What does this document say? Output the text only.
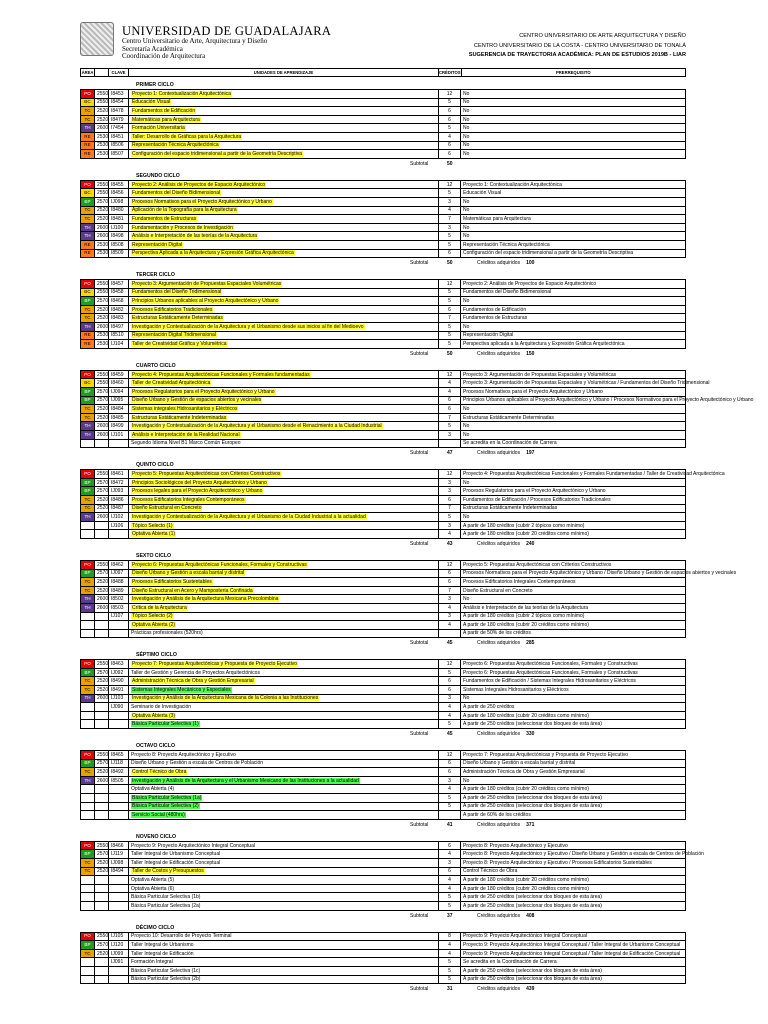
UNIVERSIDAD DE GUADALAJARA
Centro Universitario de Arte, Arquitectura y Diseño
Secretaría Académica
Coordinación de Arquitectura
CENTRO UNIVERSITARIO DE ARTE ARQUITECTURA Y DISEÑO
CENTRO UNIVERSITARIO DE LA COSTA - CENTRO UNIVERSITARIO DE TONALÁ
SUGERENCIA DE TRAYECTORIA ACADÉMICA: PLAN DE ESTUDIOS 2019B - LIAR
ÁREA		CLAVE	UNIDADES DE APRENDIZAJE	CRÉDITOS	PRERREQUISITO
PRIMER CICLO
PO	2550	I8453	Proyecto 1: Contextualización Arquitectónica	12	No
BC	2550	I8454	Educación Visual	5	No
TC	2520	I8478	Fundamentos de Edificación	6	No
TC	2520	I8479	Matemáticas para Arquitectura	6	No
TH	2600	I7454	Formación Universitaria	5	No
RE	2530	I8451	Taller: Desarrollo de Gráficas para la Arquitectura	4	No
RE	2530	I8506	Representación Técnica Arquitectónica	6	No
RE	2530	I8507	Configuración del espacio tridimensional a partir de la Geometría Descriptiva	6	No
Subtotal	50
SEGUNDO CICLO
PO	2550	I8455	Proyecto 2: Análisis de Proyectos de Espacio Arquitectónico	12	Proyecto 1: Contextualización Arquitectónica
BC	2550	I8456	Fundamentos del Diseño Bidimensional	5	Educación Visual
BP	2570	IJ098	Procesos Normativos para el Proyecto Arquitectónico y Urbano	3	No
TC	2520	I8480	Aplicación de la Topografía para la Arquitectura	4	No
TC	2520	I8481	Fundamentos de Estructuras	7	Matemáticas para Arquitectura
TH	2600	IJ100	Fundamentación y Procesos de Investigación	3	No
TH	2600	I8498	Análisis e Interpretación de las teorías de la Arquitectura	5	No
RE	2530	I8508	Representación Digital	5	Representación Técnica Arquitectónica
RE	2530	I8509	Perspectiva Aplicada a la Arquitectura y Expresión Gráfica Arquitectónica	6	Configuración del espacio tridimensional a partir de la Geometría Descriptiva
Subtotal	50	Créditos adquiridos 100
TERCER CICLO
PO	2550	I8457	Proyecto 3: Argumentación de Propuestas Espaciales Volumétricas	12	Proyecto 2: Análisis de Proyectos de Espacio Arquitectónico
BC	2550	I8458	Fundamentos del Diseño Tridimensional	5	Fundamentos del Diseño Bidimensional
BP	2570	I8468	Principios Urbanos aplicables al Proyecto Arquitectónico y Urbano	5	No
TC	2520	I8482	Procesos Edificatorios Tradicionales	6	Fundamentos de Edificación
TC	2520	I8483	Estructuras Estáticamente Determinadas	7	Fundamentos de Estructuras
TH	2600	I8497	Investigación y Contextualización de la Arquitectura y el Urbanismo desde sus inicios al fin del Medioevo	5	No
RE	2530	I8510	Representación Digital Tridimensional	5	Representación Digital
RE	2530	IJ104	Taller de Creatividad Gráfica y Volumétrica	5	Perspectiva aplicada a la Arquitectura y Expresión Gráfica Arquitectónica
Subtotal	50	Créditos adquiridos 150
CUARTO CICLO
PO	2550	I8459	Proyecto 4: Propuestas Arquitectónicas Funcionales y Formales fundamentadas	12	Proyecto 3: Argumentación de Propuestas Espaciales y Volumétricas
BC	2550	I8460	Taller de Creatividad Arquitectónica	4	Proyecto 3: Argumentación de Propuestas Espaciales y Volumétricas / Fundamentos del Diseño Tridimensional
BP	2570	IJ094	Procesos Regulatorios para el Proyecto Arquitectónico y Urbano	4	Procesos Normativos para el Proyecto Arquitectónico y Urbano
BP	2570	IJ095	Diseño Urbano y Gestión de espacios abiertos y vecinales	6	Principios Urbanos aplicables al Proyecto Arquitectónico y Urbano / Procesos Normativos para el Proyecto Arquitectónico y Urbano
TC	2520	I8484	Sistemas integrales Hidrosanitarios y Eléctricos	6	No
TC	2520	I8485	Estructuras Estáticamente Indeterminadas	7	Estructuras Estáticamente Determinadas
TH	2600	I8499	Investigación y Contextualización de la Arquitectura y el Urbanismo desde el Renacimiento a la Ciudad Industrial	5	No
TH	2600	IJ101	Análisis e Interpretación de la Realidad Nacional	3	No
			Segundo Idioma Nivel B1 Marco Común Europeo		Se acredita en la Coordinación de Carrera
Subtotal	47	Créditos adquiridos 197
QUINTO CICLO
PO	2550	I8461	Proyecto 5: Propuestas Arquitectónicas con Criterios Constructivos	12	Proyecto 4: Propuestas Arquitectónicas Funcionales y Formales Fundamentadas / Taller de Creatividad Arquitectónica
BP	2570	I8472	Principios Sociológicos del Proyecto Arquitectónico y Urbano	3	No
BP	2570	IJ093	Procesos legales para el Proyecto Arquitectónico y Urbano	3	Procesos Regulatorios para el Proyecto Arquitectónico y Urbano
TC	2520	I8486	Procesos Edificatorios Integrales Contemporáneos	6	Fundamentos de Edificación / Procesos Edificatorios Tradicionales
TC	2520	I8487	Diseño Estructural en Concreto	7	Estructuras Estáticamente Indeterminadas
TH	2600	IJ102	Investigación y Contextualización de la Arquitectura y el Urbanismo de la Ciudad Industrial a la actualidad	5	No
		IJ106	Tópico Selecto (1)	3	A partir de 180 créditos (cubrir 2 tópicos como mínimo)
			Optativa Abierta (1)	4	A partir de 180 créditos (cubrir 20 créditos como mínimo)
Subtotal	43	Créditos adquiridos 240
SEXTO CICLO
PO	2550	I8462	Proyecto 6: Propuestas Arquitectónicas Funcionales, Formales y Constructivas	12	Proyecto 5: Propuestas Arquitectónicas con Criterios Constructivos
BP	2570	IJ097	Diseño Urbano y Gestión a escala barrial y distrital	6	Procesos Normativos para el Proyecto Arquitectónico y Urbano / Diseño Urbano y Gestión de espacios abiertos y vecinales
TC	2520	I8488	Procesos Edificatorios Sustentables	6	Procesos Edificatorios Integrales Contemporáneos
TC	2520	I8489	Diseño Estructural en Acero y Mampostería Confinada	7	Diseño Estructural en Concreto
TH	2600	I8502	Investigación y Análisis de la Arquitectura Mexicana Precolombina	3	No
TH	2600	I8503	Crítica de la Arquitectura	4	Análisis e Interpretación de las teorías de la Arquitectura
		IJ107	Tópico Selecto (2)	3	A partir de 180 créditos (cubrir 2 tópicos como mínimo)
			Optativa Abierta (2)	4	A partir de 180 créditos (cubrir 20 créditos como mínimo)
			Prácticas profesionales (520hrs)		A partir de 50% de los créditos
Subtotal	45	Créditos adquiridos 285
SÉPTIMO CICLO
PO	2550	I8463	Proyecto 7: Propuestas Arquitectónicas y Propuesta de Proyecto Ejecutivo	12	Proyecto 6: Propuestas Arquitectónicas Funcionales, Formales y Constructivas
BP	2570	IJ092	Taller de Gestión y Gerencia de Proyectos Arquitectónicos	5	Proyecto 6: Propuestas Arquitectónicas Funcionales, Formales y Constructivas
TC	2520	I8490	Administración Técnica de Obra y Gestión Empresarial	6	Fundamentos de Edificación / Sistemas Integrales Hidrosanitarios y Eléctricos
TC	2520	I8491	Sistemas Integrales Mecánicos y Especiales	6	Sistemas Integrales Hidrosanitarios y Eléctricos
TH	2600	IJ103	Investigación y Análisis de la Arquitectura Mexicana de la Colonia a las Instituciones	3	No
		IJ090	Seminario de Investigación	4	A partir de 250 créditos
			Optativa Abierta (3)	4	A partir de 180 créditos (cubrir 20 créditos como mínimo)
			Básica Particular Selectiva (1)	5	A partir de 250 créditos (seleccionar dos bloques de esta área)
Subtotal	45	Créditos adquiridos 330
OCTAVO CICLO
PO	2550	I8465	Proyecto 8: Proyecto Arquitectónico y Ejecutivo	12	Proyecto 7: Propuestas Arquitectónicas y Propuesta de Proyecto Ejecutivo
BP	2570	IJ118	Diseño Urbano y Gestión a escala de Centros de Población	6	Diseño Urbano y Gestión a escala barrial y distrital
TC	2520	I8492	Control Técnico de Obra	6	Administración Técnica de Obra y Gestión Empresarial
TH	2600	I8505	Investigación y Análisis de la Arquitectura y el Urbanismo Mexicano de las Instituciones a la actualidad	3	No
			Optativa Abierta (4)	4	A partir de 180 créditos (cubrir 20 créditos como mínimo)
			Básica Particular Selectiva (1a)	5	A partir de 250 créditos (seleccionar dos bloques de esta área)
			Básica Particular Selectiva (2)	5	A partir de 250 créditos (seleccionar dos bloques de esta área)
			Servicio Social (480hrs)		A partir de 60% de los créditos
Subtotal	41	Créditos adquiridos 371
NOVENO CICLO
PO	2550	I8466	Proyecto 9: Proyecto Arquitectónico Integral Conceptual	6	Proyecto 8: Proyecto Arquitectónico y Ejecutivo
BP	2570	IJ119	Taller Integral de Urbanismo Conceptual	4	Proyecto 8: Proyecto Arquitectónico y Ejecutivo / Diseño Urbano y Gestión a escala de Centros de Población
TC	2520	IJ098	Taller Integral de Edificación Conceptual	3	Proyecto 8: Proyecto Arquitectónico y Ejecutivo / Procesos Edificatorios Sustentables
TC	2520	I8494	Taller de Costos y Presupuestos	6	Control Técnico de Obra
			Optativa Abierta (5)	4	A partir de 180 créditos (cubrir 20 créditos como mínimo)
			Optativa Abierta (6)	4	A partir de 180 créditos (cubrir 20 créditos como mínimo)
			Básica Particular Selectiva (1b)	5	A partir de 250 créditos (seleccionar dos bloques de esta área)
			Básica Particular Selectiva (2a)	5	A partir de 250 créditos (seleccionar dos bloques de esta área)
Subtotal	37	Créditos adquiridos 408
DÉCIMO CICLO
PO	2550	IJ105	Proyecto 10: Desarrollo de Proyecto Terminal	8	Proyecto 9: Proyecto Arquitectónico Integral Conceptual
BP	2570	IJ120	Taller Integral de Urbanismo	4	Proyecto 9: Proyecto Arquitectónico Integral Conceptual / Taller Integral de Urbanismo Conceptual
TC	2520	IJ099	Taller Integral de Edificación	4	Proyecto 9: Proyecto Arquitectónico Integral Conceptual / Taller Integral de Edificación Conceptual
		IJ091	Formación Integral	5	Se acredita en la Coordinación de Carrera
			Básica Particular Selectiva (1c)	5	A partir de 250 créditos (seleccionar dos bloques de esta área)
			Básica Particular Selectiva (2b)	5	A partir de 250 créditos (seleccionar dos bloques de esta área)
Subtotal	31	Créditos adquiridos 439
